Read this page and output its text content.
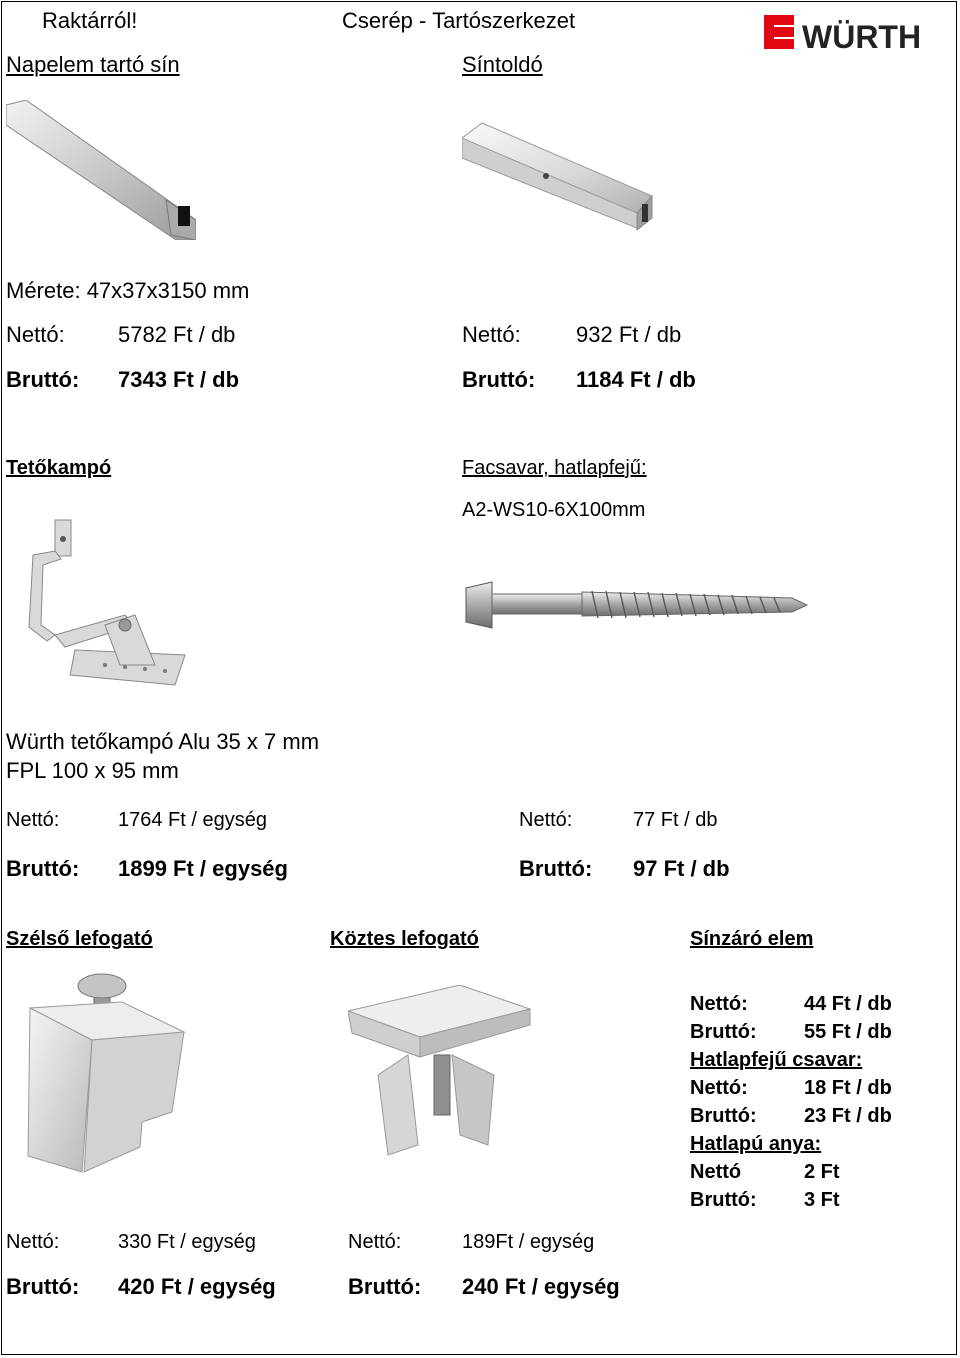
Raktárról!	Cserép - Tartószerkezet	WÜRTH
Napelem tartó sín
Mérete: 47x37x3150 mm
Nettó: 5782 Ft / db
Bruttó: 7343 Ft / db
Síntoldó
Nettó:	932 Ft / db
Bruttó: 1184 Ft / db
Tetőkampó
Würth tetőkampó Alu 35 x 7 mm
FPL 100 x 95 mm
Nettó:	1764 Ft / egység
Bruttó: 1899 Ft / egység
Facsavar, hatlapfejű:
A2-WS10-6X100mm
Nettó:	77 Ft / db
Bruttó: 97 Ft / db
Szélső lefogató
Nettó:	330 Ft / egység
Bruttó: 420 Ft / egység
Köztes lefogató
Nettó:	189Ft / egység
Bruttó: 240 Ft / egység
Sínzáró elem
Nettó:	44 Ft / db
Bruttó: 55 Ft / db
Hatlapfejű csavar:
Nettó:	18 Ft / db
Bruttó: 23 Ft / db
Hatlapú anya:
Nettó	2 Ft
Bruttó: 3 Ft
